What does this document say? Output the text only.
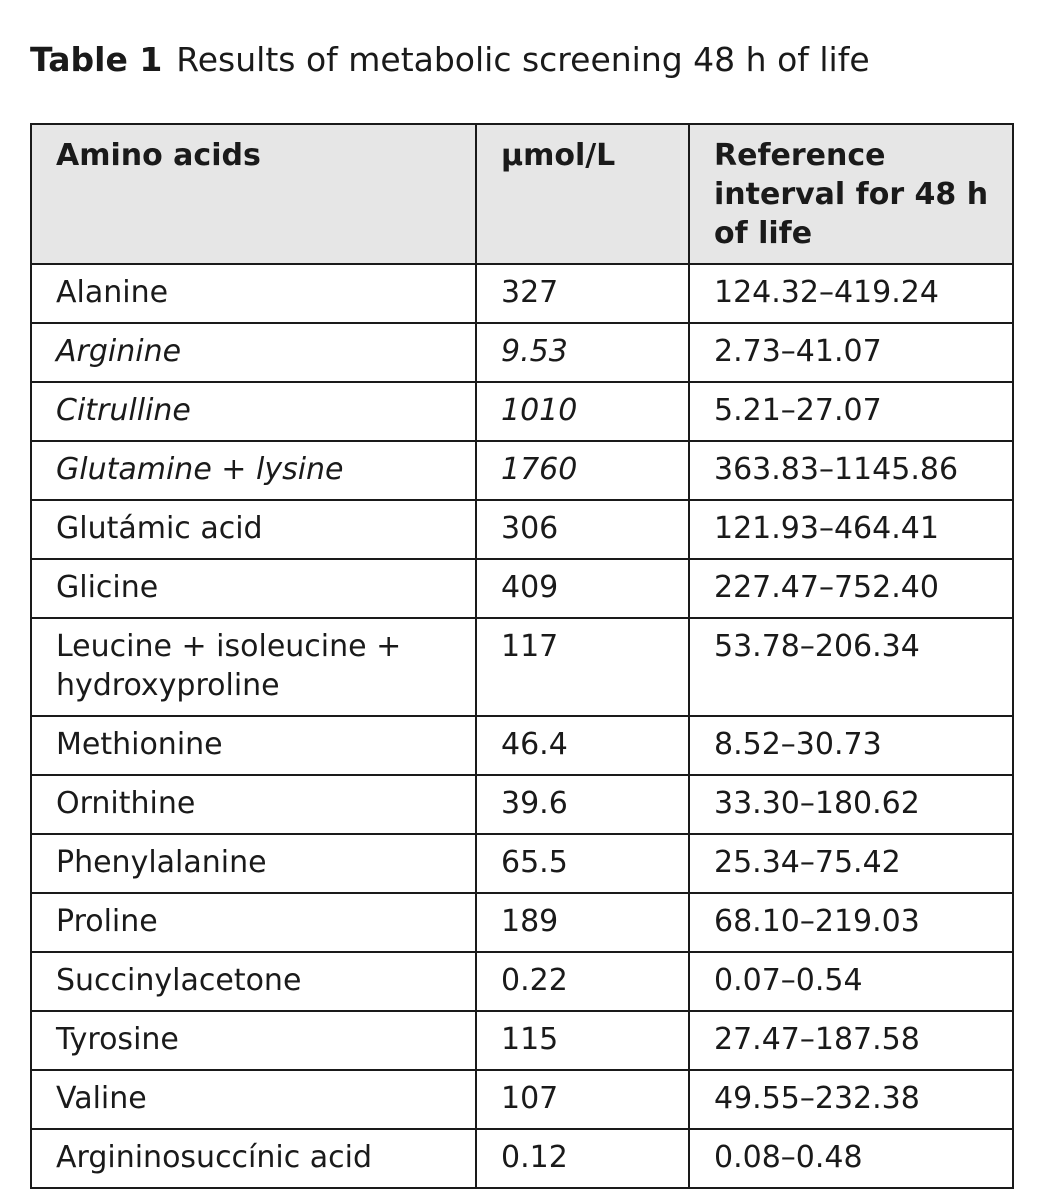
Table 1 Results of metabolic screening 48 h of life
Amino acids	µmol/L	Reference interval for 48 h of life
Alanine	327	124.32–419.24
Arginine	9.53	2.73–41.07
Citrulline	1010	5.21–27.07
Glutamine + lysine	1760	363.83–1145.86
Glutámic acid	306	121.93–464.41
Glicine	409	227.47–752.40
Leucine + isoleucine + hydroxyproline	117	53.78–206.34
Methionine	46.4	8.52–30.73
Ornithine	39.6	33.30–180.62
Phenylalanine	65.5	25.34–75.42
Proline	189	68.10–219.03
Succinylacetone	0.22	0.07–0.54
Tyrosine	115	27.47–187.58
Valine	107	49.55–232.38
Argininosuccínic acid	0.12	0.08–0.48
